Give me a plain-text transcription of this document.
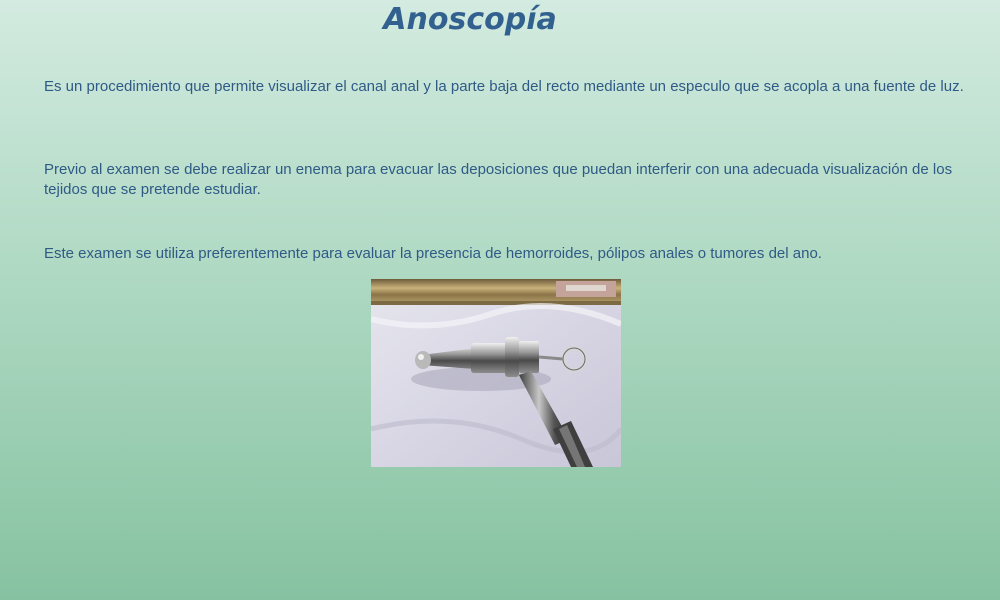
Anoscopía

Es un procedimiento que permite visualizar el canal anal y la parte baja del recto mediante un especulo que se acopla a una fuente de luz.

Previo al examen se debe realizar un enema para evacuar las deposiciones que puedan interferir con una adecuada visualización de los tejidos que se pretende estudiar.

Este examen se utiliza preferentemente para evaluar la presencia de hemorroides, pólipos anales o tumores del ano.
